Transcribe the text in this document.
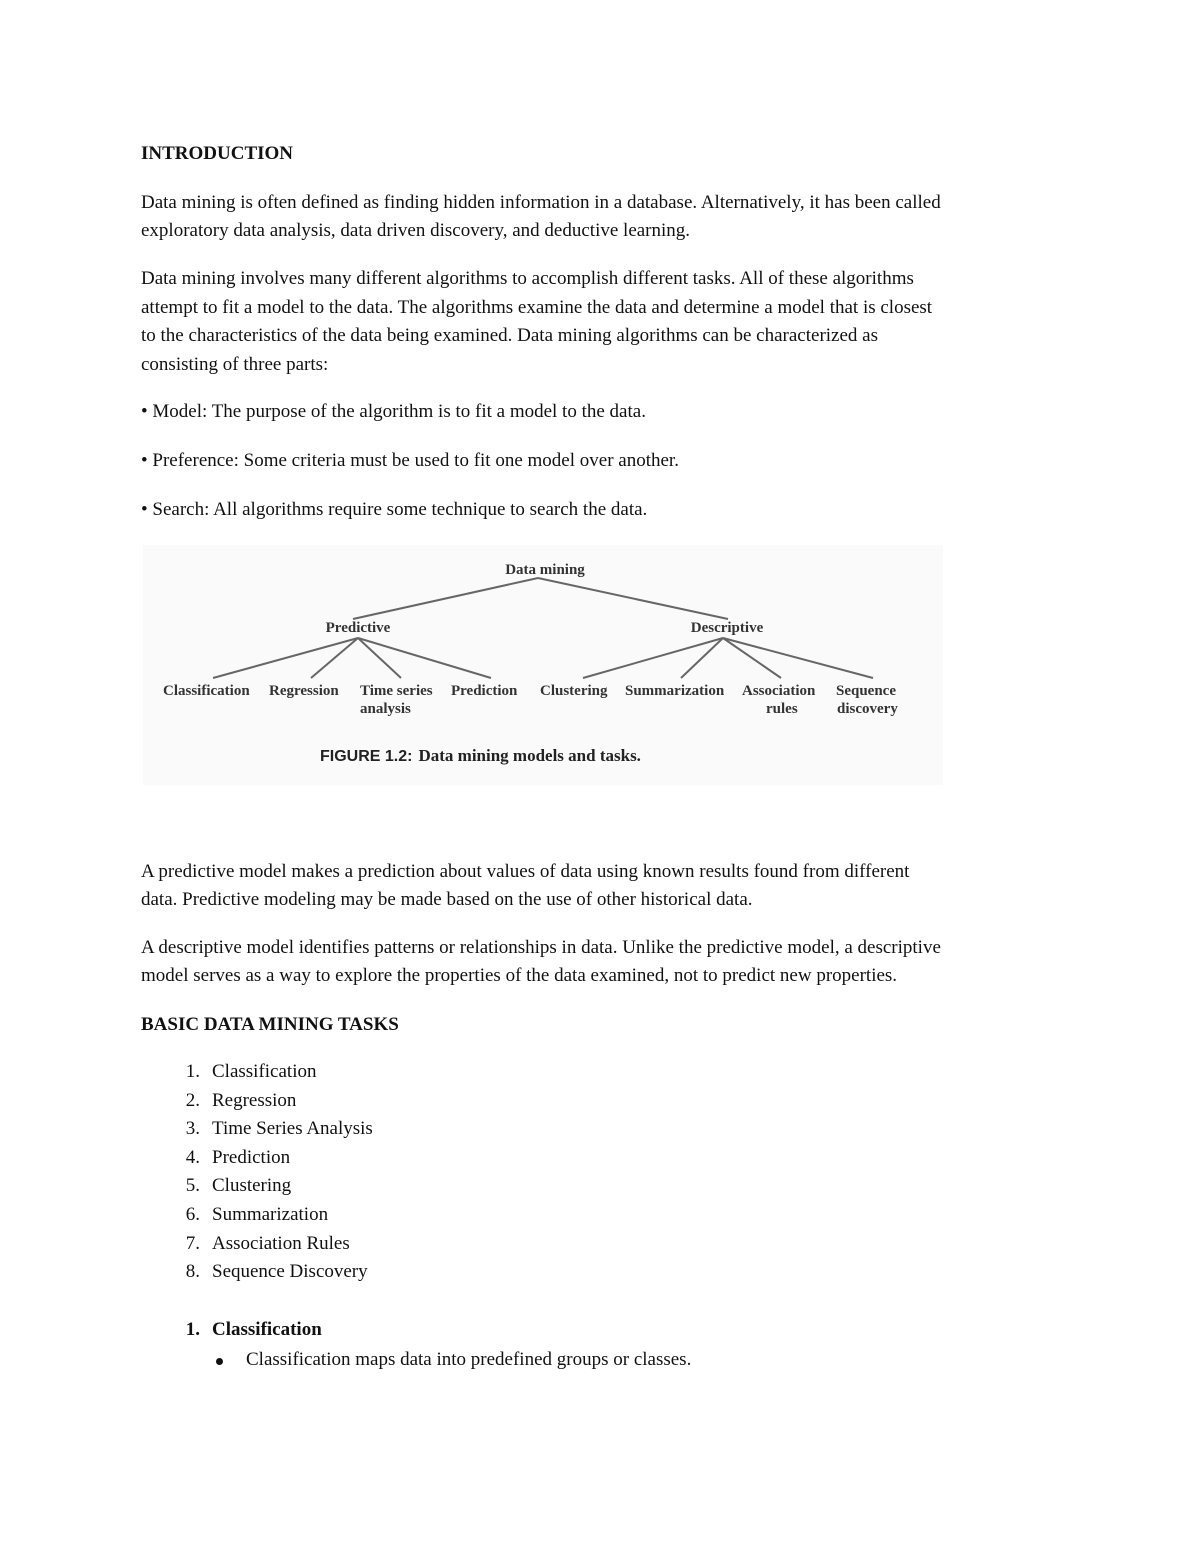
INTRODUCTION

Data mining is often defined as finding hidden information in a database. Alternatively, it has been called

exploratory data analysis, data driven discovery, and deductive learning.

Data mining involves many different algorithms to accomplish different tasks. All of these algorithms

attempt to fit a model to the data. The algorithms examine the data and determine a model that is closest

to the characteristics of the data being examined. Data mining algorithms can be characterized as

consisting of three parts:

• Model: The purpose of the algorithm is to fit a model to the data.

• Preference: Some criteria must be used to fit one model over another.

• Search: All algorithms require some technique to search the data.

Data mining
Predictive	Descriptive
Classification Regression Time series
analysis
Prediction Clustering Summarization Association
rules
Sequence
discovery
FIGURE 1.2: Data mining models and tasks.

A predictive model makes a prediction about values of data using known results found from different

data. Predictive modeling may be made based on the use of other historical data.

A descriptive model identifies patterns or relationships in data. Unlike the predictive model, a descriptive

model serves as a way to explore the properties of the data examined, not to predict new properties.

BASIC DATA MINING TASKS

1. Classification
2. Regression
3. Time Series Analysis
4. Prediction
5. Clustering
6. Summarization
7. Association Rules
8. Sequence Discovery
1. Classification

Classification maps data into predefined groups or classes.
